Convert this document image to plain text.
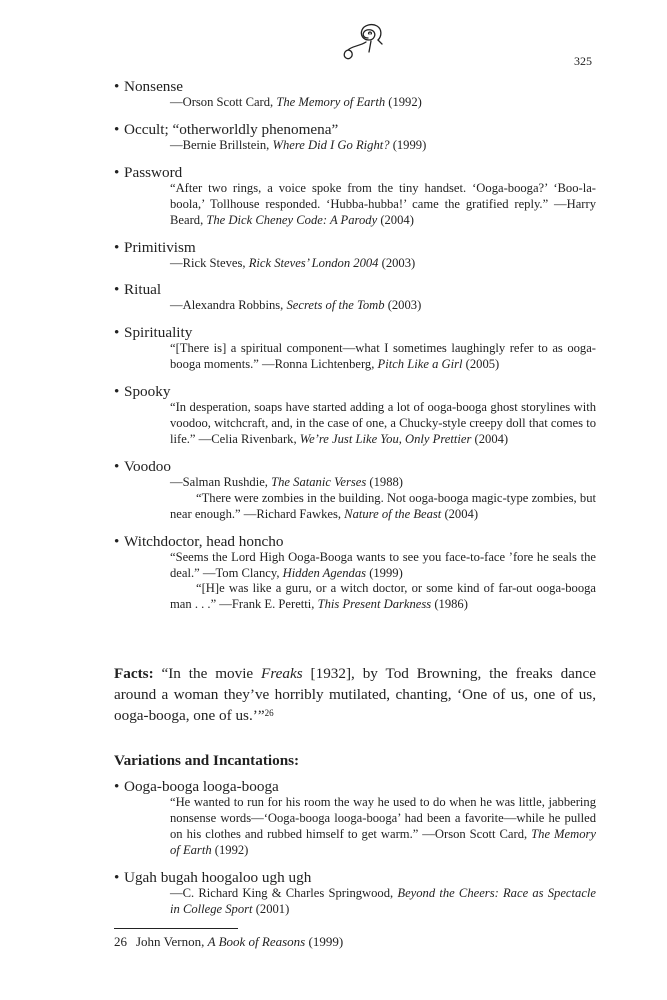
325
• Nonsense
—Orson Scott Card, The Memory of Earth (1992)
• Occult; “otherworldly phenomena”
—Bernie Brillstein, Where Did I Go Right? (1999)
• Password
“After two rings, a voice spoke from the tiny handset. ‘Ooga-booga?’ ‘Boo-la-boola,’ Tollhouse responded. ‘Hubba-hubba!’ came the gratified reply.” —Harry Beard, The Dick Cheney Code: A Parody (2004)
• Primitivism
—Rick Steves, Rick Steves’ London 2004 (2003)
• Ritual
—Alexandra Robbins, Secrets of the Tomb (2003)
• Spirituality
“[There is] a spiritual component—what I sometimes laughingly refer to as ooga-booga moments.” —Ronna Lichtenberg, Pitch Like a Girl (2005)
• Spooky
“In desperation, soaps have started adding a lot of ooga-booga ghost storylines with voodoo, witchcraft, and, in the case of one, a Chucky-style creepy doll that comes to life.” —Celia Rivenbark, We’re Just Like You, Only Prettier (2004)
• Voodoo
—Salman Rushdie, The Satanic Verses (1988)
“There were zombies in the building. Not ooga-booga magic-type zombies, but near enough.” —Richard Fawkes, Nature of the Beast (2004)
• Witchdoctor, head honcho
“Seems the Lord High Ooga-Booga wants to see you face-to-face ’fore he seals the deal.” —Tom Clancy, Hidden Agendas (1999)
“[H]e was like a guru, or a witch doctor, or some kind of far-out ooga-booga man . . .” —Frank E. Peretti, This Present Darkness (1986)
Facts: “In the movie Freaks [1932], by Tod Browning, the freaks dance around a woman they’ve horribly mutilated, chanting, ‘One of us, one of us, ooga-booga, one of us.’”$^{26}$
Variations and Incantations:
• Ooga-booga looga-booga
“He wanted to run for his room the way he used to do when he was little, jabbering nonsense words—‘Ooga-booga looga-booga’ had been a favorite—while he pulled on his clothes and rubbed himself to get warm.” —Orson Scott Card, The Memory of Earth (1992)
• Ugah bugah hoogaloo ugh ugh
—C. Richard King & Charles Springwood, Beyond the Cheers: Race as Spectacle in College Sport (2001)
26 John Vernon, A Book of Reasons (1999)
